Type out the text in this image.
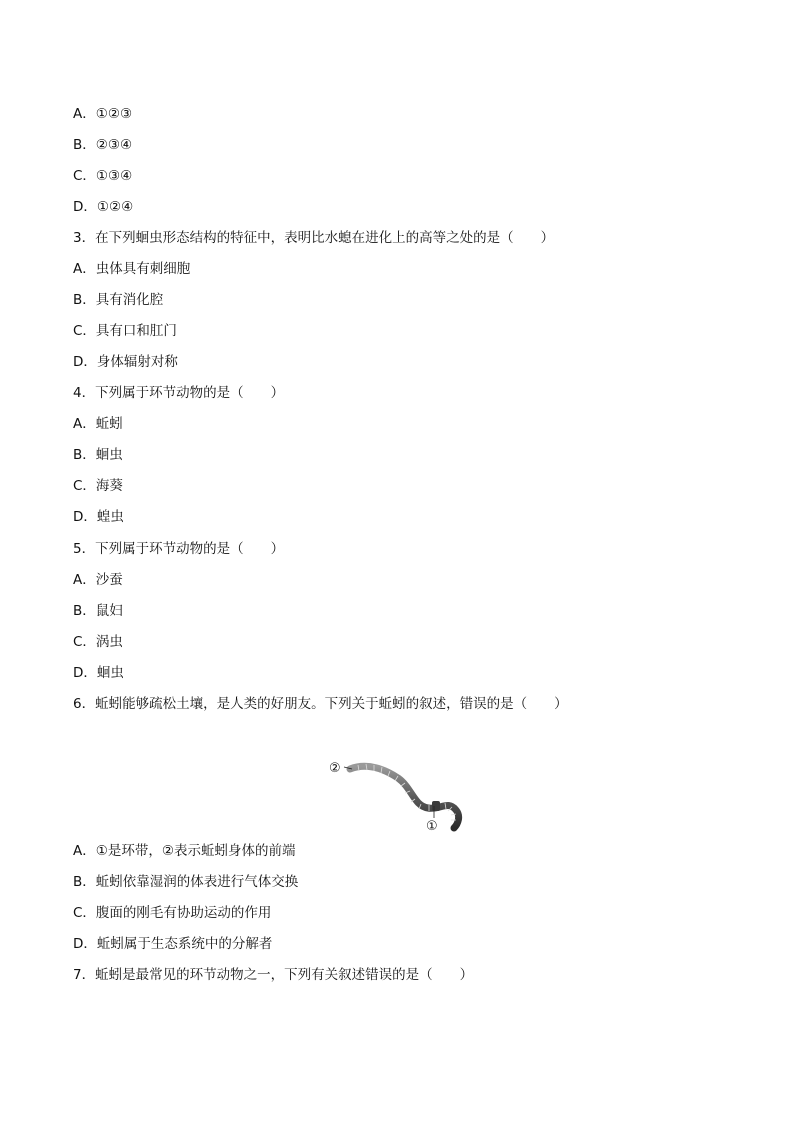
A．①②③
B．②③④
C．①③④
D．①②④
3．在下列蛔虫形态结构的特征中，表明比水螅在进化上的高等之处的是（　　）
A．虫体具有刺细胞
B．具有消化腔
C．具有口和肛门
D．身体辐射对称
4．下列属于环节动物的是（　　）
A．蚯蚓
B．蛔虫
C．海葵
D．蝗虫
5．下列属于环节动物的是（　　）
A．沙蚕
B．鼠妇
C．涡虫
D．蛔虫
6．蚯蚓能够疏松土壤，是人类的好朋友。下列关于蚯蚓的叙述，错误的是（　　）
②
①
A．①是环带，②表示蚯蚓身体的前端
B．蚯蚓依靠湿润的体表进行气体交换
C．腹面的刚毛有协助运动的作用
D．蚯蚓属于生态系统中的分解者
7．蚯蚓是最常见的环节动物之一，下列有关叙述错误的是（　　）
